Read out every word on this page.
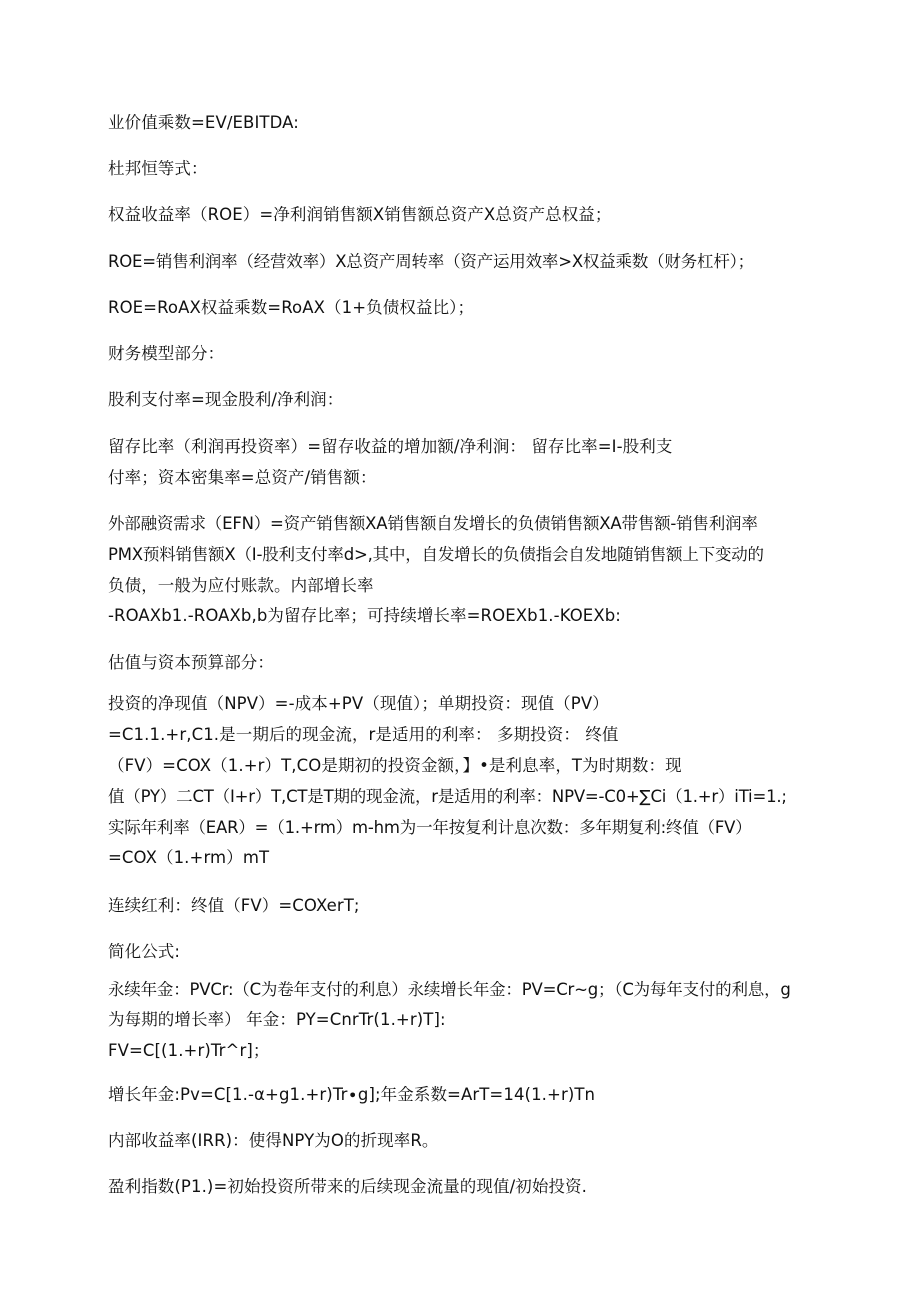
业价值乘数=EV∕EBITDA:

杜邦恒等式：

权益收益率（ROE）=净利润销售额X销售额总资产X总资产总权益；

ROE=销售利润率（经营效率）X总资产周转率（资产运用效率>X权益乘数（财务杠杆）；

ROE=RoAX权益乘数=RoAX（1+负债权益比）；

财务模型部分：

股利支付率=现金股利/净利润：

留存比率（利润再投资率）=留存收益的增加额/净利涧： 留存比率=I-股利支

付率；资本密集率=总资产/销售额：

外部融资需求（EFN）=资产销售额XA销售额自发增长的负债销售额XA带售额-销售利润率

PMX预料销售额X（I-股利支付率d>,其中，自发增长的负债指会自发地随销售额上下变动的

负债，一般为应付账款。内部增长率

-ROAXb1.-ROAXb,b为留存比率；可持续增长率=ROEXb1.-KOEXb:

估值与资本预算部分：

投资的净现值（NPV）=-成本+PV（现值）；单期投资：现值（PV）

=C1.1.+r,C1.是一期后的现金流，r是适用的利率： 多期投资： 终值

（FV）=COX（1.+r）T,CO是期初的投资金额，】•是利息率，T为时期数：现

值（PY）二CT（I+r）T,CT是T期的现金流，r是适用的利率：NPV=-C0+∑Ci（1.+r）iTi=1.;

实际年利率（EAR）=（1.+rm）m-hm为一年按复利计息次数：多年期复利:终值（FV）

=COX（1.+rm）mT

连续红利：终值（FV）=COXerT;

简化公式:

永续年金：PVCr:（C为卷年支付的利息）永续增长年金：PV=Cr~g；（C为每年支付的利息，g

为每期的增长率） 年金：PY=CnrTr(1.+r)T]:

FV=C[(1.+r)Tr^r]；

增长年金:Pv=C[1.-α+g1.+r)Tr∙g];年金系数=ArT=14(1.+r)Tn

内部收益率(IRR)：使得NPY为O的折现率R。

盈利指数(P1.)=初始投资所带来的后续现金流量的现值/初始投资.
